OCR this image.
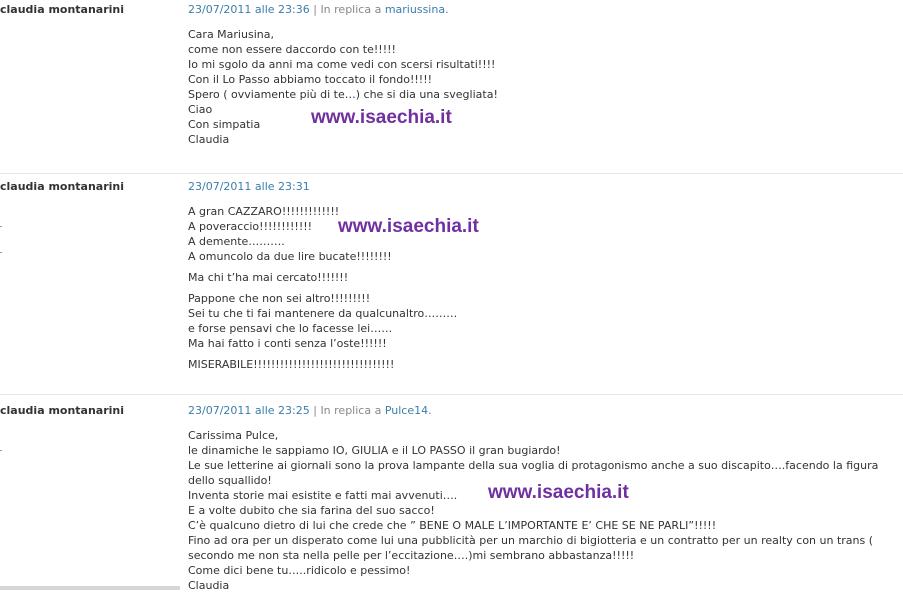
claudia montanarini	23/07/2011 alle 23:36 | In replica a mariussina.

Cara Mariusina,

come non essere daccordo con te!!!!!

Io mi sgolo da anni ma come vedi con scersi risultati!!!!

Con il Lo Passo abbiamo toccato il fondo!!!!!

Spero ( ovviamente più di te…) che si dia una svegliata!

Ciao

Con simpatia

Claudia

www.isaechia.it
claudia montanarini	23/07/2011 alle 23:31

A gran CAZZARO!!!!!!!!!!!!!

A poveraccio!!!!!!!!!!!!

A demente……….

A omuncolo da due lire bucate!!!!!!!!

Ma chi t’ha mai cercato!!!!!!!

Pappone che non sei altro!!!!!!!!!

Sei tu che ti fai mantenere da qualcunaltro………

e forse pensavi che lo facesse lei……

Ma hai fatto i conti senza l’oste!!!!!!

MISERABILE!!!!!!!!!!!!!!!!!!!!!!!!!!!!!!!!

www.isaechia.it
claudia montanarini	23/07/2011 alle 23:25 | In replica a Pulce14.

Carissima Pulce,

le dinamiche le sappiamo IO, GIULIA e il LO PASSO il gran bugiardo!

Le sue letterine ai giornali sono la prova lampante della sua voglia di protagonismo anche a suo discapito….facendo la figura

dello squallido!

Inventa storie mai esistite e fatti mai avvenuti….

E a volte dubito che sia farina del suo sacco!

C’è qualcuno dietro di lui che crede che ” BENE O MALE L’IMPORTANTE E’ CHE SE NE PARLI”!!!!!

Fino ad ora per un disperato come lui una pubblicità per un marchio di bigiotteria e un contratto per un realty con un trans (

secondo me non sta nella pelle per l’eccitazione….)mi sembrano abbastanza!!!!!

Come dici bene tu…..ridicolo e pessimo!

Claudia

www.isaechia.it
